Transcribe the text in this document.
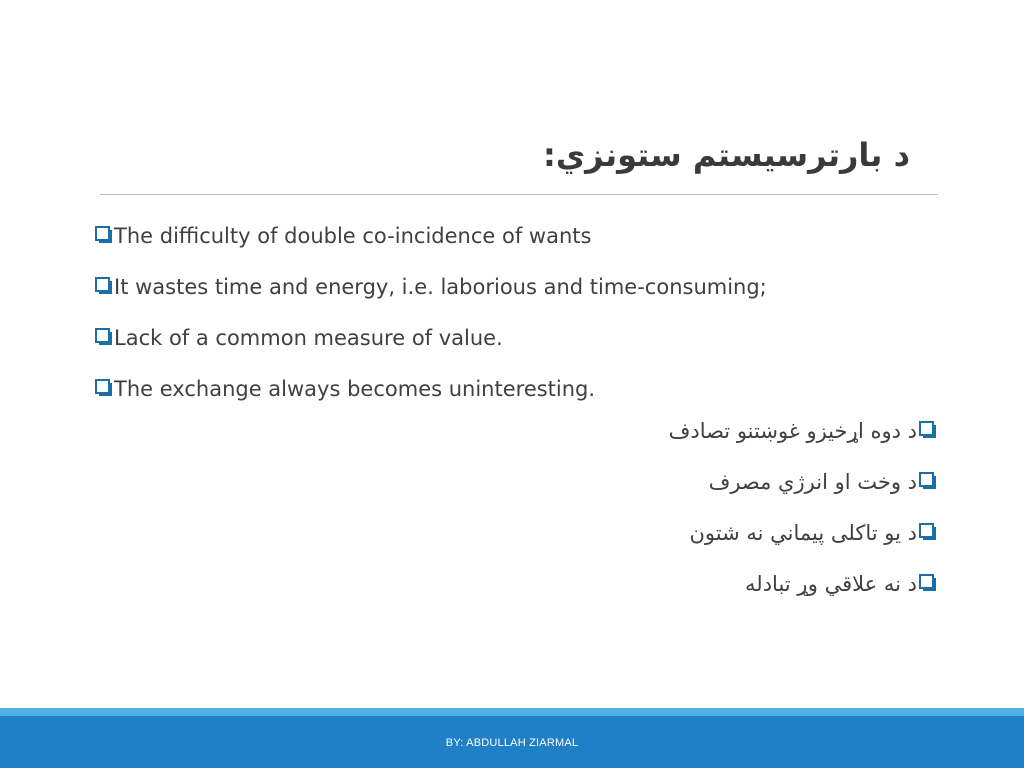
د بارترسیستم ستونزي:
The difficulty of double co-incidence of wants
It wastes time and energy, i.e. laborious and time-consuming;
Lack of a common measure of value.
The exchange always becomes uninteresting.
د دوه اړخيزو غوښتنو تصادف
د وخت او انرژي مصرف
د يو تاکلی پيماني نه شتون
د نه علاقي وړ تبادله
BY: ABDULLAH ZIARMAL
